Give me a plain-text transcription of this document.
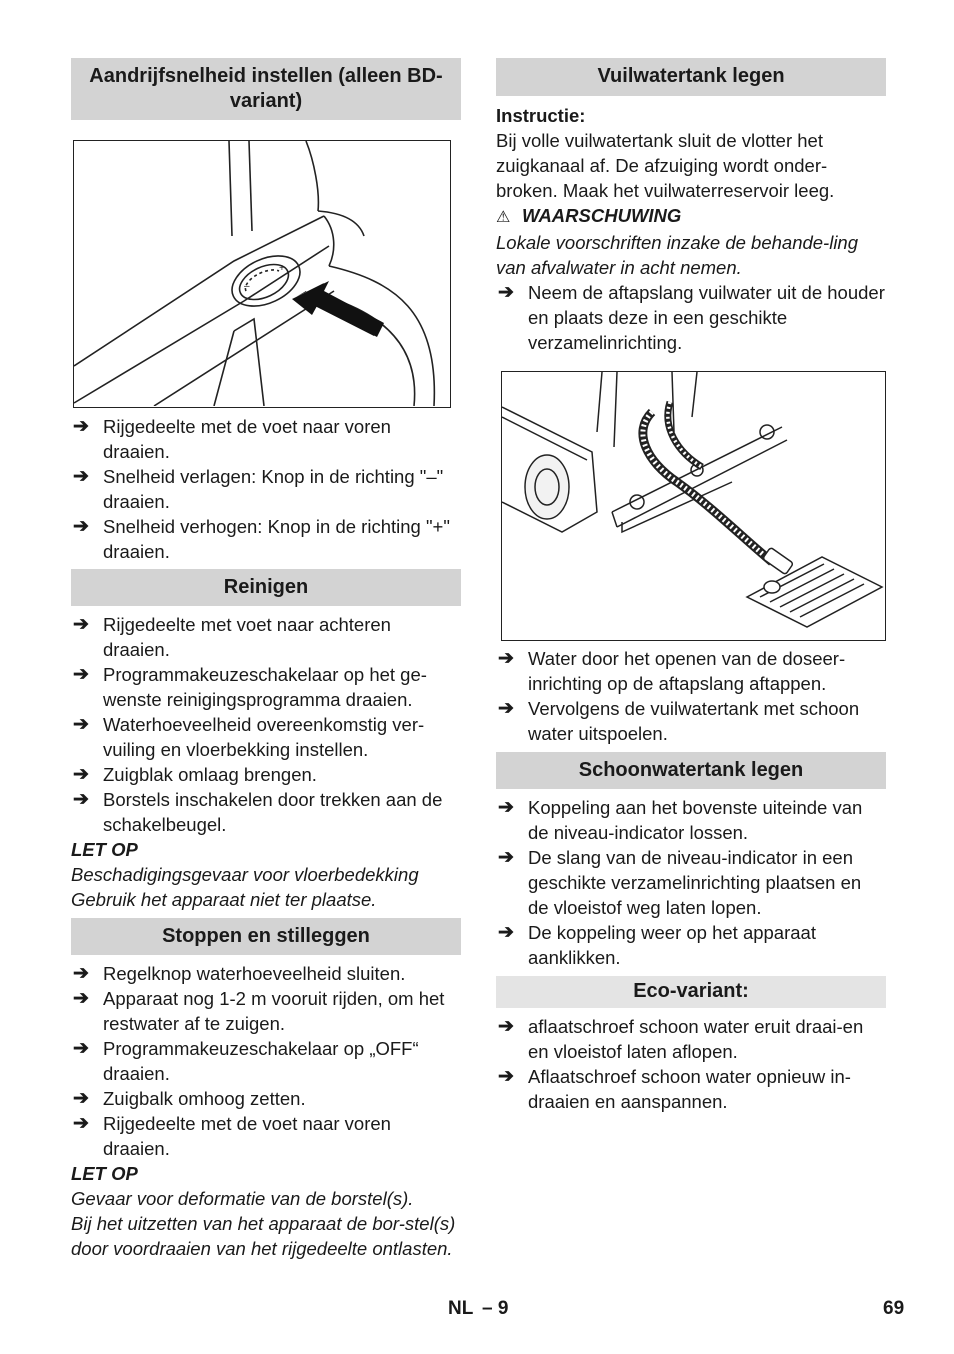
Aandrijfsnelheid instellen (alleen BD-variant)
+
–
➔ Rijgedeelte met de voet naar voren draaien.
➔ Snelheid verlagen: Knop in de richting "–" draaien.
➔ Snelheid verhogen: Knop in de richting "+" draaien.
Reinigen
➔ Rijgedeelte met voet naar achteren draaien.
➔ Programmakeuzeschakelaar op het ge-wenste reinigingsprogramma draaien.
➔ Waterhoeveelheid overeenkomstig ver-vuiling en vloerbekking instellen.
➔ Zuigblak omlaag brengen.
➔ Borstels inschakelen door trekken aan de schakelbeugel.
LET OP
Beschadigingsgevaar voor vloerbedekking
Gebruik het apparaat niet ter plaatse.
Stoppen en stilleggen
➔ Regelknop waterhoeveelheid sluiten.
➔ Apparaat nog 1-2 m vooruit rijden, om het restwater af te zuigen.
➔ Programmakeuzeschakelaar op „OFF“ draaien.
➔ Zuigbalk omhoog zetten.
➔ Rijgedeelte met de voet naar voren draaien.
LET OP
Gevaar voor deformatie van de borstel(s).
Bij het uitzetten van het apparaat de bor-stel(s) door voordraaien van het rijgedeelte ontlasten.
Vuilwatertank legen
Instructie:
Bij volle vuilwatertank sluit de vlotter het zuigkanaal af. De afzuiging wordt onder-broken. Maak het vuilwaterreservoir leeg.
⚠ WAARSCHUWING
Lokale voorschriften inzake de behande-ling van afvalwater in acht nemen.
➔ Neem de aftapslang vuilwater uit de houder en plaats deze in een geschikte verzamelinrichting.
➔ Water door het openen van de doseer-inrichting op de aftapslang aftappen.
➔ Vervolgens de vuilwatertank met schoon water uitspoelen.
Schoonwatertank legen
➔ Koppeling aan het bovenste uiteinde van de niveau-indicator lossen.
➔ De slang van de niveau-indicator in een geschikte verzamelinrichting plaatsen en de vloeistof weg laten lopen.
➔ De koppeling weer op het apparaat aanklikken.
Eco-variant:
➔ aflaatschroef schoon water eruit draai-en en vloeistof laten aflopen.
➔ Aflaatschroef schoon water opnieuw in-draaien en aanspannen.
NL – 9	69
